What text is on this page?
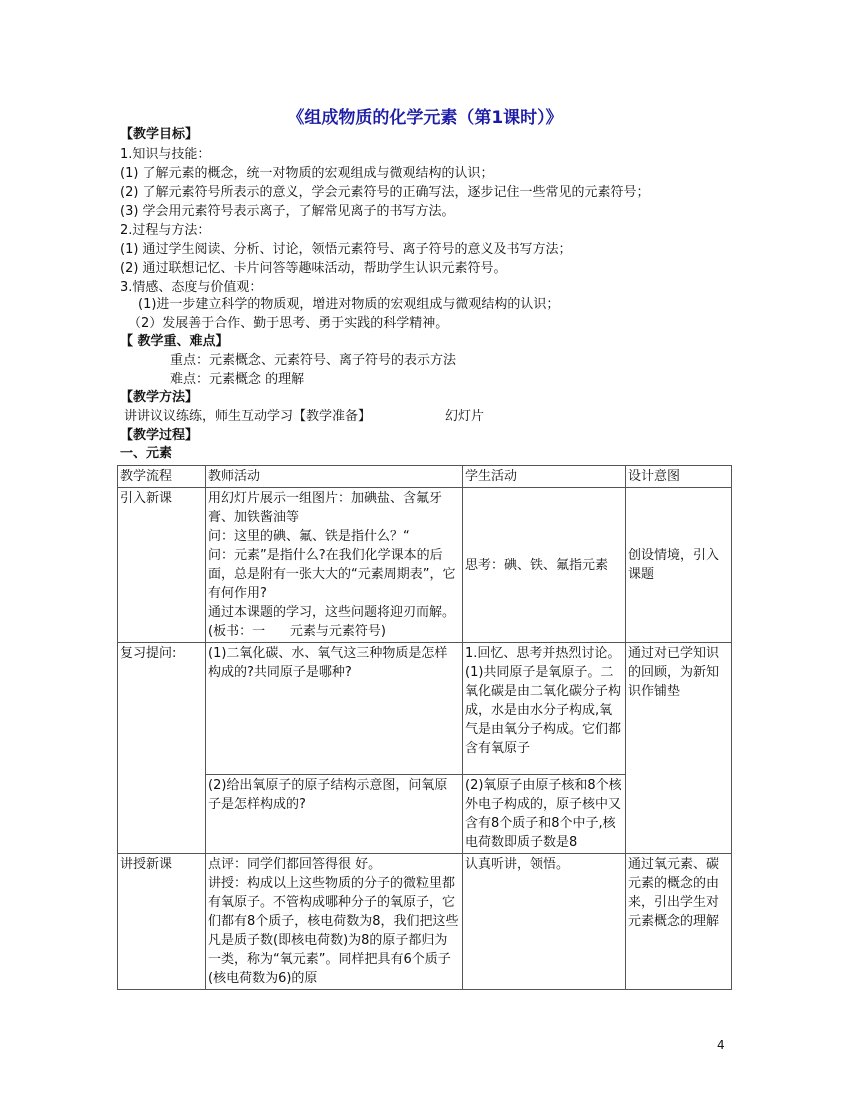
《组成物质的化学元素（第1课时）》
【教学目标】
1.知识与技能：
(1) 了解元素的概念，统一对物质的宏观组成与微观结构的认识；
(2) 了解元素符号所表示的意义，学会元素符号的正确写法，逐步记住一些常见的元素符号；
(3) 学会用元素符号表示离子，了解常见离子的书写方法。
2.过程与方法：
(1) 通过学生阅读、分析、讨论，领悟元素符号、离子符号的意义及书写方法；
(2) 通过联想记忆、卡片问答等趣味活动，帮助学生认识元素符号。
3.情感、态度与价值观：
(1)进一步建立科学的物质观，增进对物质的宏观组成与微观结构的认识；
（2）发展善于合作、勤于思考、勇于实践的科学精神。
【 教学重、难点】
重点：元素概念、元素符号、离子符号的表示方法
难点：元素概念 的理解
【教学方法】
讲讲议议练练，师生互动学习【教学准备】	幻灯片
【教学过程】
一、元素
教学流程	教师活动	学生活动	设计意图

引入新课	用幻灯片展示一组图片：加碘盐、含氟牙膏、加铁酱油等
问：这里的碘、氟、铁是指什么？“
问：元素”是指什么?在我们化学课本的后面，总是附有一张大大的“元素周期表”，它有何作用?
通过本课题的学习，这些问题将迎刃而解。(板书：一      元素与元素符号)	思考：碘、铁、氟指元素	创设情境，引入课题

复习提问:	(1)二氧化碳、水、氧气这三种物质是怎样构成的?共同原子是哪种?	1.回忆、思考并热烈讨论。(1)共同原子是氧原子。二氧化碳是由二氧化碳分子构成，水是由水分子构成,氧气是由氧分子构成。它们都含有氧原子	通过对已学知识的回顾，为新知识作铺垫

	(2)给出氧原子的原子结构示意图，问氧原子是怎样构成的?	(2)氧原子由原子核和8个核外电子构成的，原子核中又含有8个质子和8个中子,核电荷数即质子数是8	

讲授新课	点评：同学们都回答得很 好。
讲授：构成以上这些物质的分子的微粒里都有氧原子。不管构成哪种分子的氧原子，它们都有8个质子，核电荷数为8，我们把这些凡是质子数(即核电荷数)为8的原子都归为一类，称为“氧元素”。同样把具有6个质子(核电荷数为6)的原	认真听讲，领悟。	通过氧元素、碳元素的概念的由来，引出学生对元素概念的理解
4
